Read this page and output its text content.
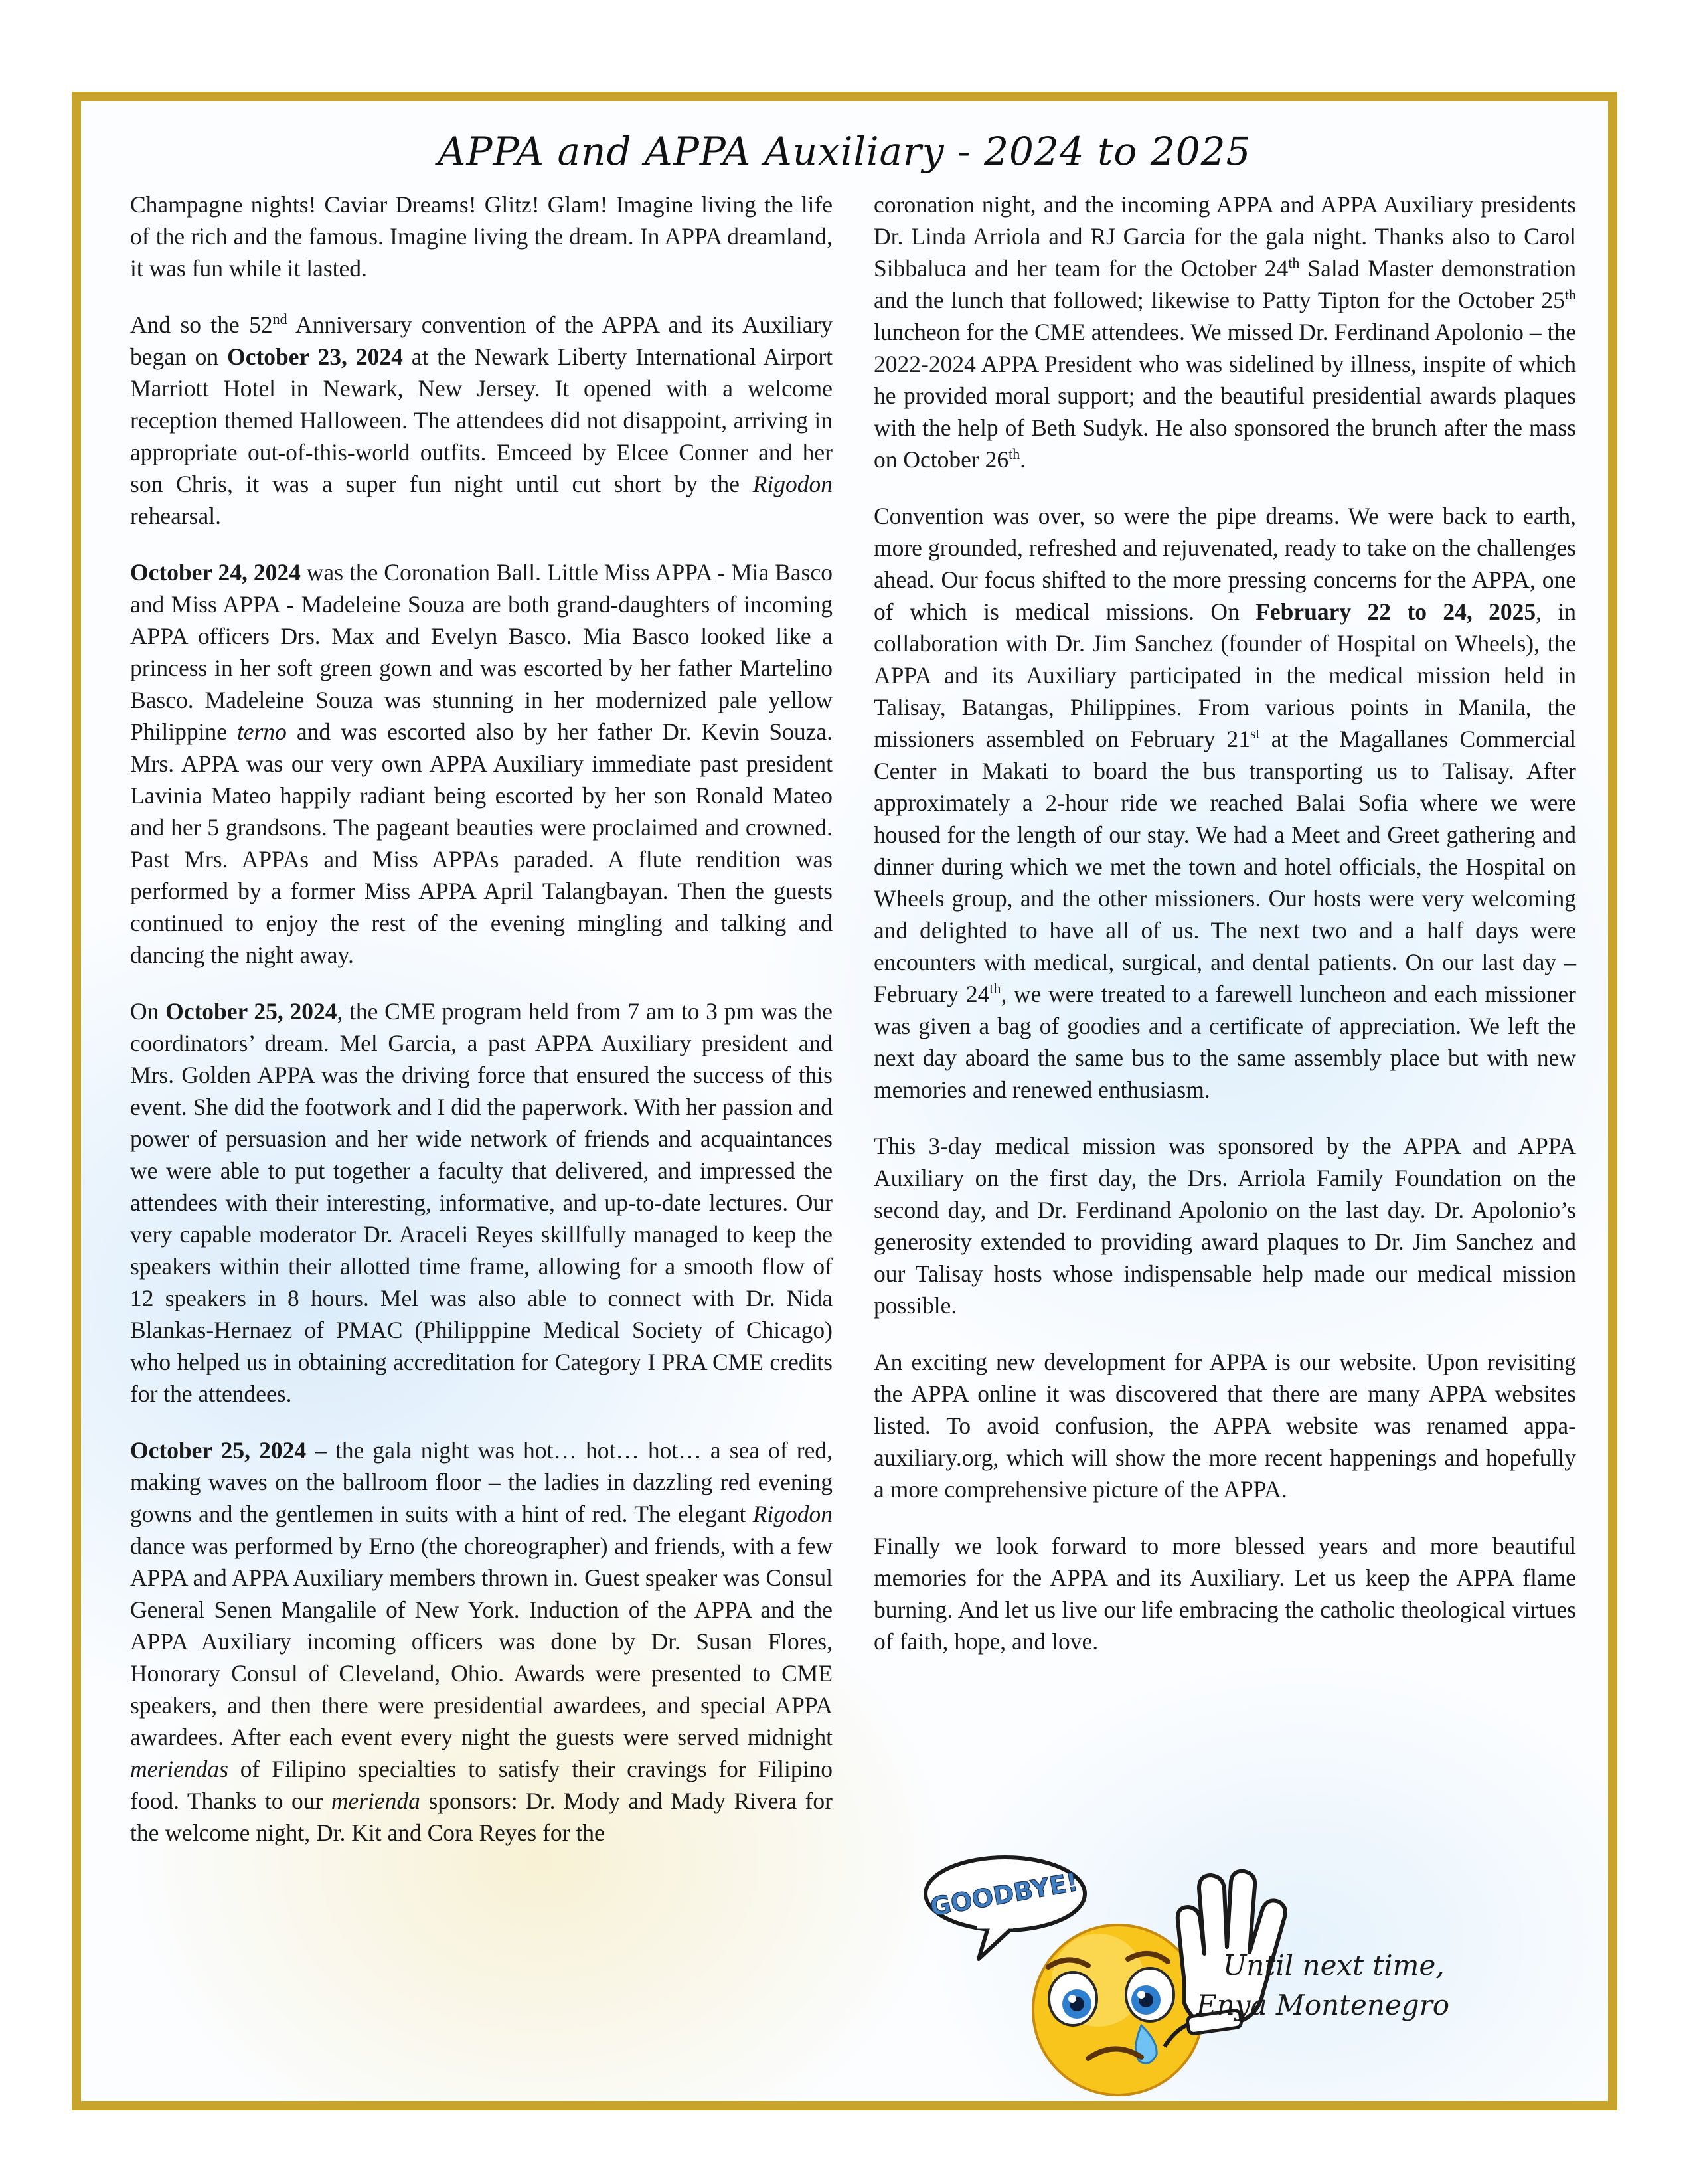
APPA and APPA Auxiliary - 2024 to 2025

Champagne nights! Caviar Dreams! Glitz! Glam! Imagine living the life of the rich and the famous. Imagine living the dream. In APPA dreamland, it was fun while it lasted.

And so the 52nd Anniversary convention of the APPA and its Auxiliary began on October 23, 2024 at the Newark Liberty International Airport Marriott Hotel in Newark, New Jersey. It opened with a welcome reception themed Halloween. The attendees did not disappoint, arriving in appropriate out-of-this-world outfits. Emceed by Elcee Conner and her son Chris, it was a super fun night until cut short by the Rigodon rehearsal.

October 24, 2024 was the Coronation Ball. Little Miss APPA - Mia Basco and Miss APPA - Madeleine Souza are both grand-daughters of incoming APPA officers Drs. Max and Evelyn Basco. Mia Basco looked like a princess in her soft green gown and was escorted by her father Martelino Basco. Madeleine Souza was stunning in her modernized pale yellow Philippine terno and was escorted also by her father Dr. Kevin Souza. Mrs. APPA was our very own APPA Auxiliary immediate past president Lavinia Mateo happily radiant being escorted by her son Ronald Mateo and her 5 grandsons. The pageant beauties were proclaimed and crowned. Past Mrs. APPAs and Miss APPAs paraded. A flute rendition was performed by a former Miss APPA April Talangbayan. Then the guests continued to enjoy the rest of the evening mingling and talking and dancing the night away.

On October 25, 2024, the CME program held from 7 am to 3 pm was the coordinators’ dream. Mel Garcia, a past APPA Auxiliary president and Mrs. Golden APPA was the driving force that ensured the success of this event. She did the footwork and I did the paperwork. With her passion and power of persuasion and her wide network of friends and acquaintances we were able to put together a faculty that delivered, and impressed the attendees with their interesting, informative, and up-to-date lectures. Our very capable moderator Dr. Araceli Reyes skillfully managed to keep the speakers within their allotted time frame, allowing for a smooth flow of 12 speakers in 8 hours. Mel was also able to connect with Dr. Nida Blankas-Hernaez of PMAC (Philipppine Medical Society of Chicago) who helped us in obtaining accreditation for Category I PRA CME credits for the attendees.

October 25, 2024 – the gala night was hot… hot… hot… a sea of red, making waves on the ballroom floor – the ladies in dazzling red evening gowns and the gentlemen in suits with a hint of red. The elegant Rigodon dance was performed by Erno (the choreographer) and friends, with a few APPA and APPA Auxiliary members thrown in. Guest speaker was Consul General Senen Mangalile of New York. Induction of the APPA and the APPA Auxiliary incoming officers was done by Dr. Susan Flores, Honorary Consul of Cleveland, Ohio. Awards were presented to CME speakers, and then there were presidential awardees, and special APPA awardees. After each event every night the guests were served midnight meriendas of Filipino specialties to satisfy their cravings for Filipino food. Thanks to our merienda sponsors: Dr. Mody and Mady Rivera for the welcome night, Dr. Kit and Cora Reyes for the

coronation night, and the incoming APPA and APPA Auxiliary presidents Dr. Linda Arriola and RJ Garcia for the gala night. Thanks also to Carol Sibbaluca and her team for the October 24th Salad Master demonstration and the lunch that followed; likewise to Patty Tipton for the October 25th luncheon for the CME attendees. We missed Dr. Ferdinand Apolonio – the 2022-2024 APPA President who was sidelined by illness, inspite of which he provided moral support; and the beautiful presidential awards plaques with the help of Beth Sudyk. He also sponsored the brunch after the mass on October 26th.

Convention was over, so were the pipe dreams. We were back to earth, more grounded, refreshed and rejuvenated, ready to take on the challenges ahead. Our focus shifted to the more pressing concerns for the APPA, one of which is medical missions. On February 22 to 24, 2025, in collaboration with Dr. Jim Sanchez (founder of Hospital on Wheels), the APPA and its Auxiliary participated in the medical mission held in Talisay, Batangas, Philippines. From various points in Manila, the missioners assembled on February 21st at the Magallanes Commercial Center in Makati to board the bus transporting us to Talisay. After approximately a 2-hour ride we reached Balai Sofia where we were housed for the length of our stay. We had a Meet and Greet gathering and dinner during which we met the town and hotel officials, the Hospital on Wheels group, and the other missioners. Our hosts were very welcoming and delighted to have all of us. The next two and a half days were encounters with medical, surgical, and dental patients. On our last day – February 24th, we were treated to a farewell luncheon and each missioner was given a bag of goodies and a certificate of appreciation. We left the next day aboard the same bus to the same assembly place but with new memories and renewed enthusiasm.

This 3-day medical mission was sponsored by the APPA and APPA Auxiliary on the first day, the Drs. Arriola Family Foundation on the second day, and Dr. Ferdinand Apolonio on the last day. Dr. Apolonio’s generosity extended to providing award plaques to Dr. Jim Sanchez and our Talisay hosts whose indispensable help made our medical mission possible.

An exciting new development for APPA is our website. Upon revisiting the APPA online it was discovered that there are many APPA websites listed. To avoid confusion, the APPA website was renamed appa-auxiliary.org, which will show the more recent happenings and hopefully a more comprehensive picture of the APPA.

Finally we look forward to more blessed years and more beautiful memories for the APPA and its Auxiliary. Let us keep the APPA flame burning. And let us live our life embracing the catholic theological virtues of faith, hope, and love.

GOODBYE!
Until next time,
Enya Montenegro
